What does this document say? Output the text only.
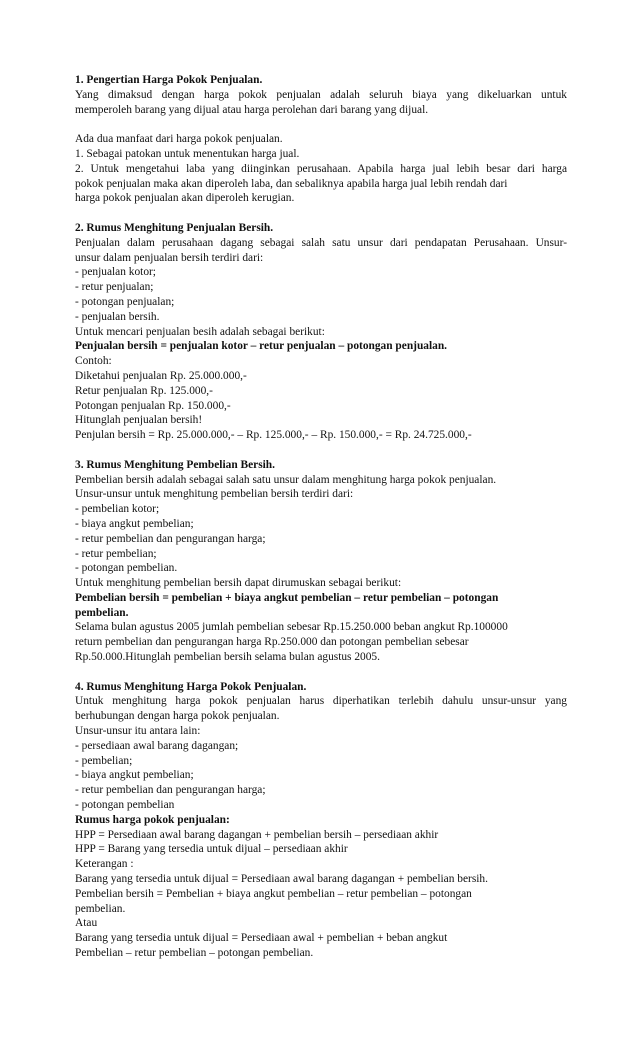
1. Pengertian Harga Pokok Penjualan.
Yang dimaksud dengan harga pokok penjualan adalah seluruh biaya yang dikeluarkan untuk
memperoleh barang yang dijual atau harga perolehan dari barang yang dijual.
Ada dua manfaat dari harga pokok penjualan.
1. Sebagai patokan untuk menentukan harga jual.
2. Untuk mengetahui laba yang diinginkan perusahaan. Apabila harga jual lebih besar dari harga
pokok penjualan maka akan diperoleh laba, dan sebaliknya apabila harga jual lebih rendah dari
harga pokok penjualan akan diperoleh kerugian.
2. Rumus Menghitung Penjualan Bersih.
Penjualan dalam perusahaan dagang sebagai salah satu unsur dari pendapatan Perusahaan. Unsur-
unsur dalam penjualan bersih terdiri dari:
- penjualan kotor;
- retur penjualan;
- potongan penjualan;
- penjualan bersih.
Untuk mencari penjualan besih adalah sebagai berikut:
Penjualan bersih = penjualan kotor – retur penjualan – potongan penjualan.
Contoh:
Diketahui penjualan Rp. 25.000.000,-
Retur penjualan Rp. 125.000,-
Potongan penjualan Rp. 150.000,-
Hitunglah penjualan bersih!
Penjulan bersih = Rp. 25.000.000,- – Rp. 125.000,- – Rp. 150.000,- = Rp. 24.725.000,-
3. Rumus Menghitung Pembelian Bersih.
Pembelian bersih adalah sebagai salah satu unsur dalam menghitung harga pokok penjualan.
Unsur-unsur untuk menghitung pembelian bersih terdiri dari:
- pembelian kotor;
- biaya angkut pembelian;
- retur pembelian dan pengurangan harga;
- retur pembelian;
- potongan pembelian.
Untuk menghitung pembelian bersih dapat dirumuskan sebagai berikut:
Pembelian bersih = pembelian + biaya angkut pembelian – retur pembelian – potongan
pembelian.
Selama bulan agustus 2005 jumlah pembelian sebesar Rp.15.250.000 beban angkut Rp.100000
return pembelian dan pengurangan harga Rp.250.000 dan potongan pembelian sebesar
Rp.50.000.Hitunglah pembelian bersih selama bulan agustus 2005.
4. Rumus Menghitung Harga Pokok Penjualan.
Untuk menghitung harga pokok penjualan harus diperhatikan terlebih dahulu unsur-unsur yang
berhubungan dengan harga pokok penjualan.
Unsur-unsur itu antara lain:
- persediaan awal barang dagangan;
- pembelian;
- biaya angkut pembelian;
- retur pembelian dan pengurangan harga;
- potongan pembelian
Rumus harga pokok penjualan:
HPP = Persediaan awal barang dagangan + pembelian bersih – persediaan akhir
HPP = Barang yang tersedia untuk dijual – persediaan akhir
Keterangan :
Barang yang tersedia untuk dijual = Persediaan awal barang dagangan + pembelian bersih.
Pembelian bersih = Pembelian + biaya angkut pembelian – retur pembelian – potongan
pembelian.
Atau
Barang yang tersedia untuk dijual = Persediaan awal + pembelian + beban angkut
Pembelian – retur pembelian – potongan pembelian.
